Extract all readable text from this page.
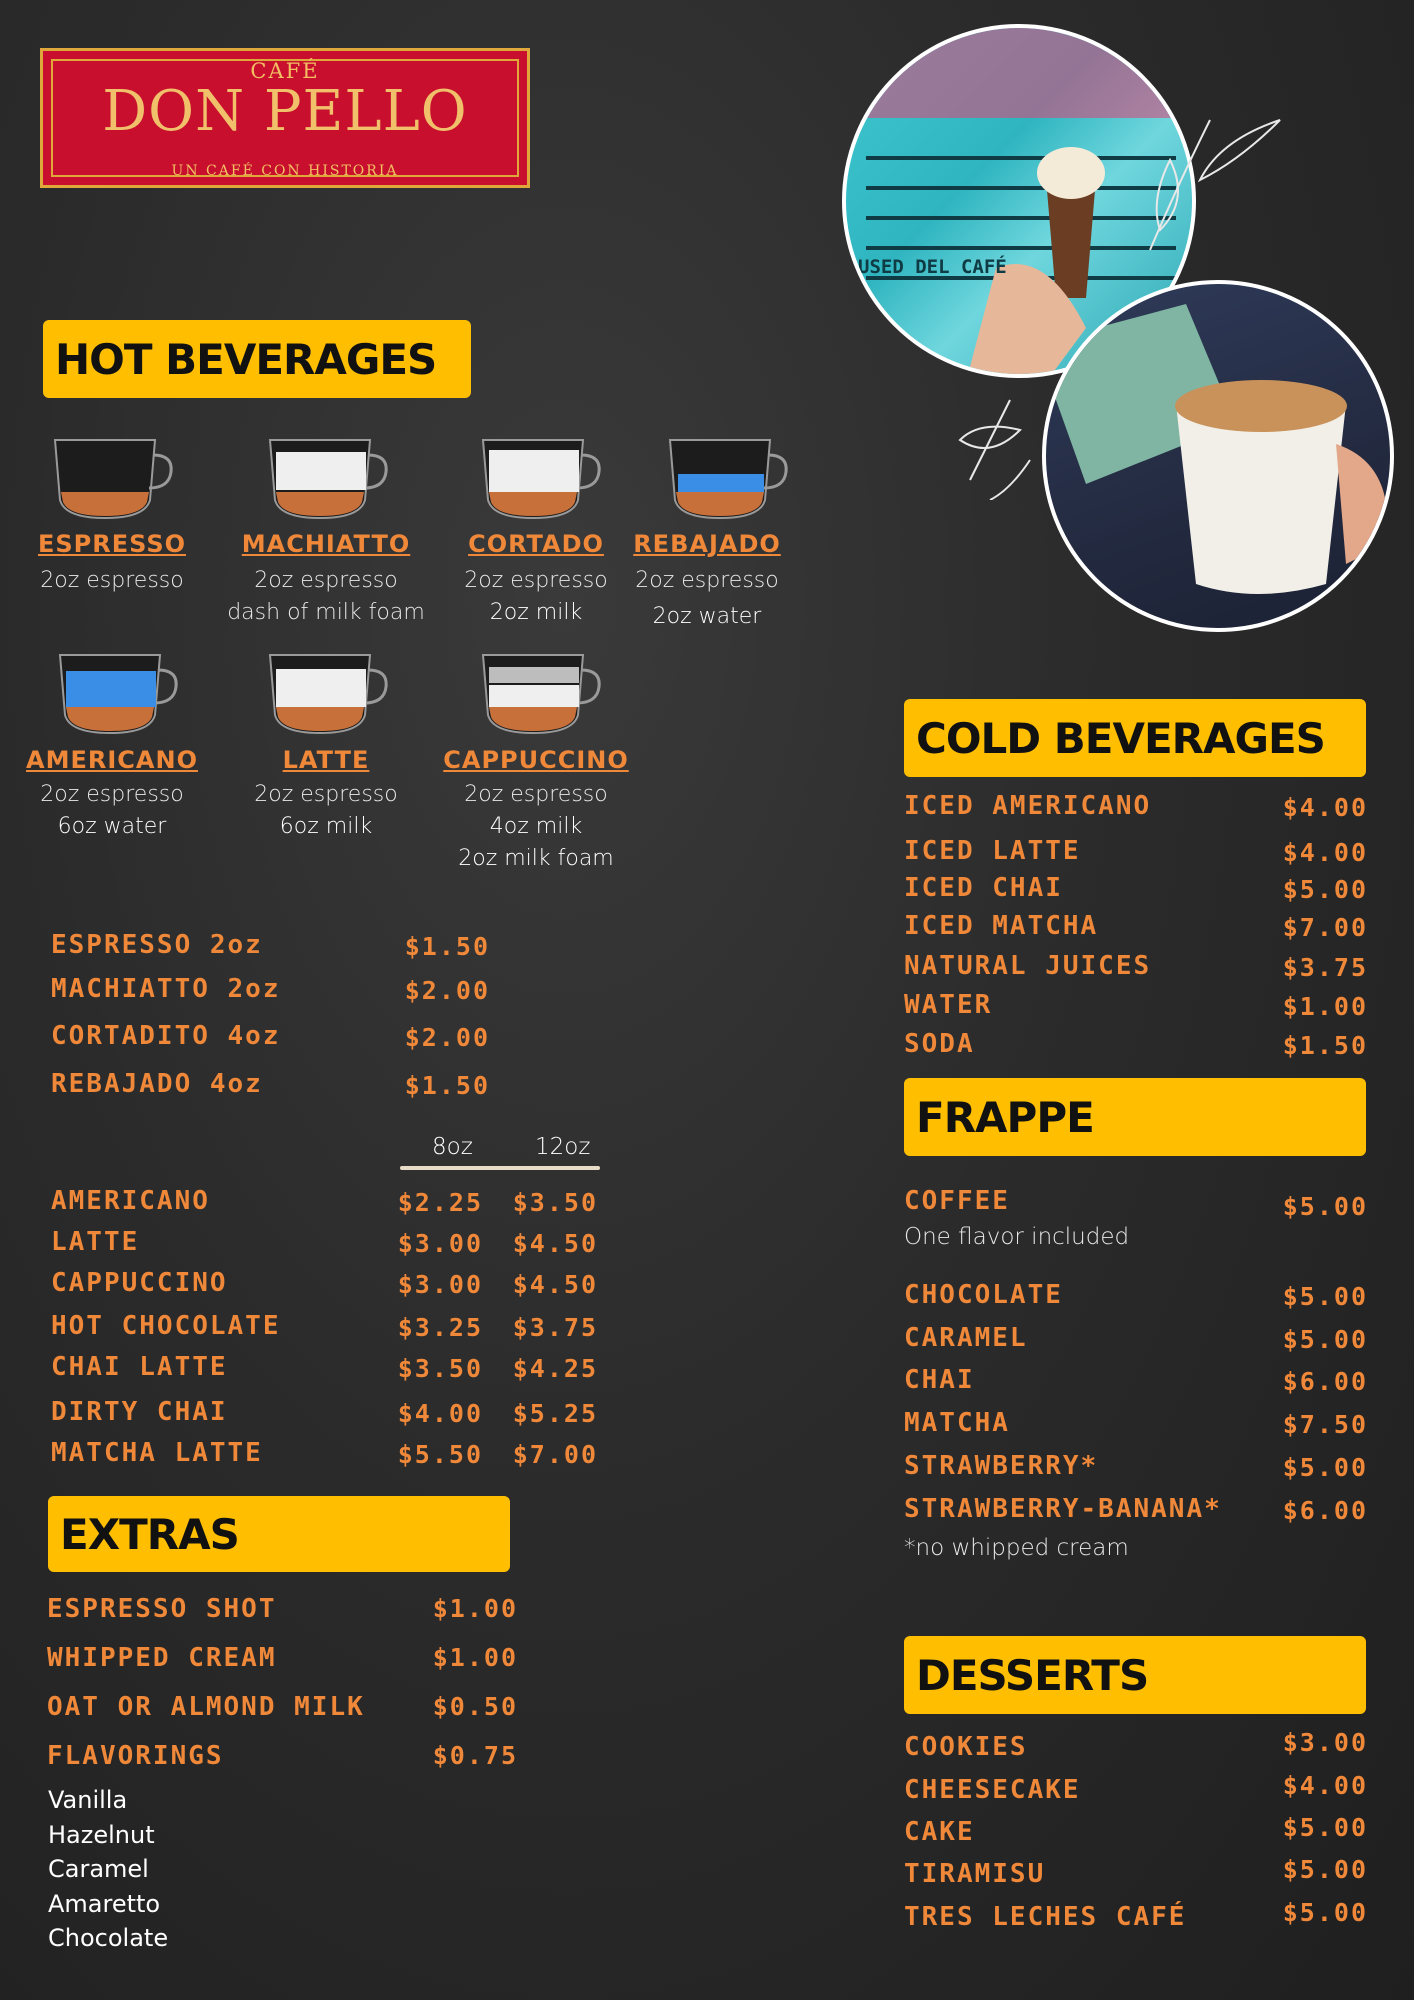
CAFÉ
DON PELLO
UN CAFÉ CON HISTORIA
USED DEL CAFÉ
HOT BEVERAGES
ESPRESSO
2oz espresso
MACHIATTO
2oz espresso
dash of milk foam
CORTADO
2oz espresso
2oz milk
REBAJADO
2oz espresso
2oz water
AMERICANO
2oz espresso
6oz water
LATTE
2oz espresso
6oz milk
CAPPUCCINO
2oz espresso
4oz milk
2oz milk foam
ESPRESSO 2oz	$1.50
MACHIATTO 2oz	$2.00
CORTADITO 4oz	$2.00
REBAJADO 4oz	$1.50
8oz	12oz
AMERICANO	$2.25	$3.50
LATTE	$3.00	$4.50
CAPPUCCINO	$3.00	$4.50
HOT CHOCOLATE	$3.25	$3.75
CHAI LATTE	$3.50	$4.25
DIRTY CHAI	$4.00	$5.25
MATCHA LATTE	$5.50	$7.00
EXTRAS
ESPRESSO SHOT	$1.00
WHIPPED CREAM	$1.00
OAT OR ALMOND MILK	$0.50
FLAVORINGS	$0.75
Vanilla
Hazelnut
Caramel
Amaretto
Chocolate
COLD BEVERAGES
ICED AMERICANO	$4.00
ICED LATTE	$4.00
ICED CHAI	$5.00
ICED MATCHA	$7.00
NATURAL JUICES	$3.75
WATER	$1.00
SODA	$1.50
FRAPPE
COFFEE	$5.00
One flavor included
CHOCOLATE	$5.00
CARAMEL	$5.00
CHAI	$6.00
MATCHA	$7.50
STRAWBERRY*	$5.00
STRAWBERRY-BANANA*	$6.00
*no whipped cream
DESSERTS
COOKIES	$3.00
CHEESECAKE	$4.00
CAKE	$5.00
TIRAMISU	$5.00
TRES LECHES CAFÉ	$5.00
